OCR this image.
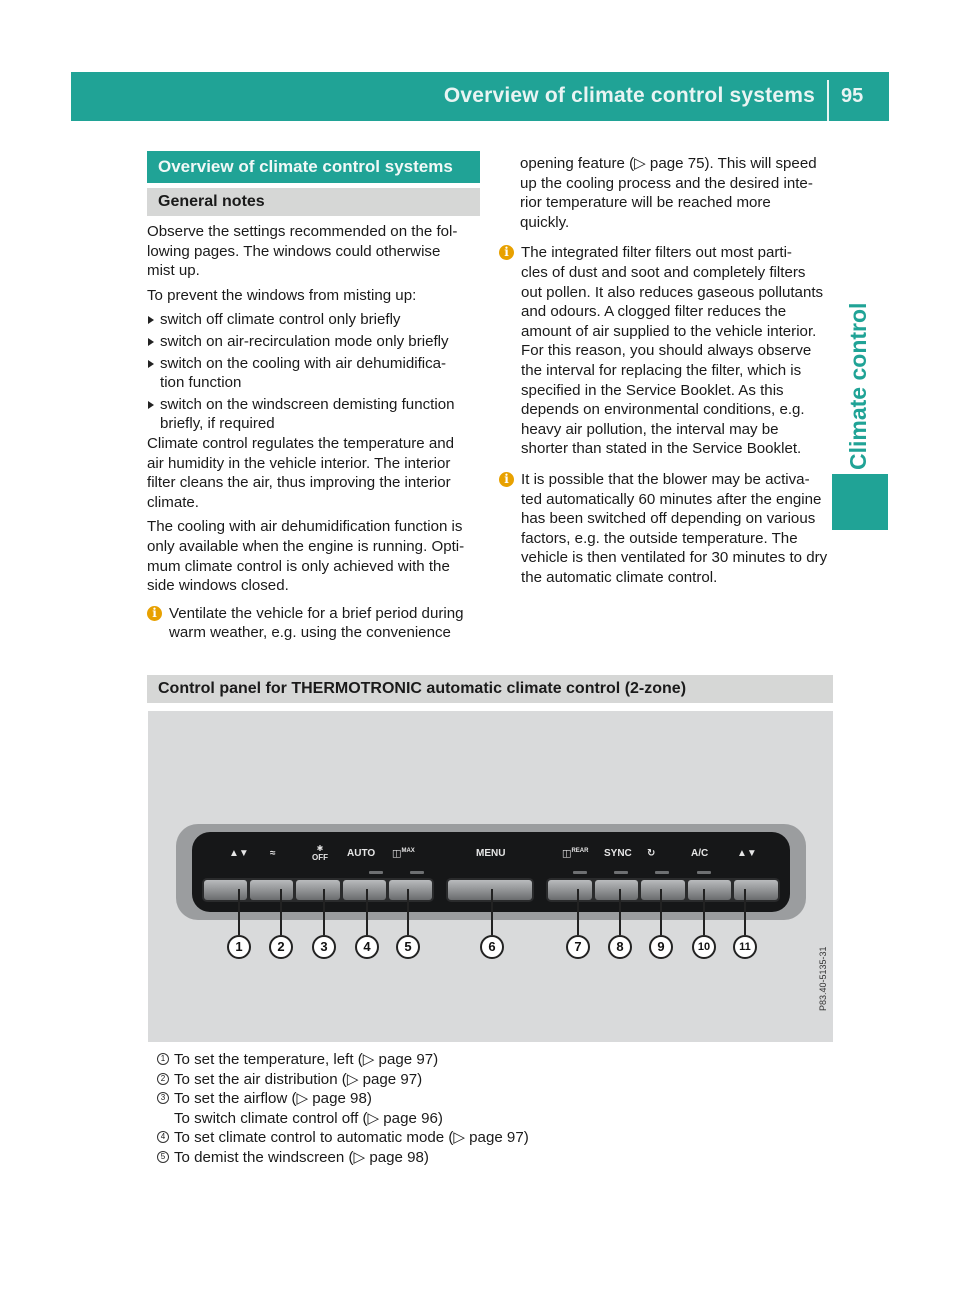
Overview of climate control systems	95
Climate control
Overview of climate control systems
General notes

Observe the settings recommended on the fol-
lowing pages. The windows could otherwise
mist up.

To prevent the windows from misting up:

switch off climate control only briefly
switch on air-recirculation mode only briefly
switch on the cooling with air dehumidifica-
tion function
switch on the windscreen demisting function
briefly, if required

Climate control regulates the temperature and
air humidity in the vehicle interior. The interior
filter cleans the air, thus improving the interior
climate.

The cooling with air dehumidification function is
only available when the engine is running. Opti-
mum climate control is only achieved with the
side windows closed.

i Ventilate the vehicle for a brief period during
warm weather, e.g. using the convenience

opening feature (▷ page 75). This will speed
up the cooling process and the desired inte-
rior temperature will be reached more
quickly.

i The integrated filter filters out most parti-
cles of dust and soot and completely filters
out pollen. It also reduces gaseous pollutants
and odours. A clogged filter reduces the
amount of air supplied to the vehicle interior.
For this reason, you should always observe
the interval for replacing the filter, which is
specified in the Service Booklet. As this
depends on environmental conditions, e.g.
heavy air pollution, the interval may be
shorter than stated in the Service Booklet.
i It is possible that the blower may be activa-
ted automatically 60 minutes after the engine
has been switched off depending on various
factors, e.g. the outside temperature. The
vehicle is then ventilated for 30 minutes to dry
the automatic climate control.
Control panel for THERMOTRONIC automatic climate control (2-zone)
▲▼ ≈	✱
OFF AUTO ◫$^{MAX}$	MENU	◫$^{REAR}$ SYNC ↻	A/C	▲▼
1	2	3	4	5	6	7	8	9	10	11	P83.40-5135-31
1 To set the temperature, left (▷ page 97)
2 To set the air distribution (▷ page 97)
3 To set the airflow (▷ page 98)
To switch climate control off (▷ page 96)
4 To set climate control to automatic mode (▷ page 97)
5 To demist the windscreen (▷ page 98)
